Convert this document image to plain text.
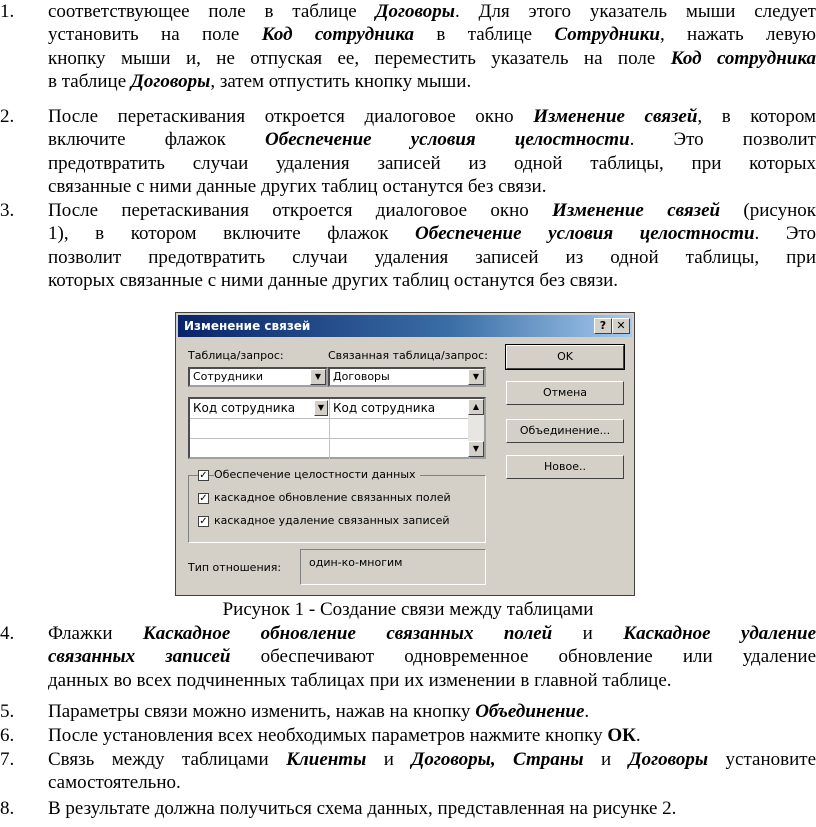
1.	соответствующее поле в таблице Договоры. Для этого указатель мыши следует
установить на поле Код сотрудника в таблице Сотрудники, нажать левую
кнопку мыши и, не отпуская ее, переместить указатель на поле Код сотрудника
в таблице Договоры, затем отпустить кнопку мыши.
2.	После перетаскивания откроется диалоговое окно Изменение связей, в котором
включите флажок Обеспечение условия целостности. Это позволит
предотвратить случаи удаления записей из одной таблицы, при которых
связанные с ними данные других таблиц останутся без связи.
3.	После перетаскивания откроется диалоговое окно Изменение связей (рисунок
1), в котором включите флажок Обеспечение условия целостности. Это
позволит предотвратить случаи удаления записей из одной таблицы, при
которых связанные с ними данные других таблиц останутся без связи.
4.	Флажки Каскадное обновление связанных полей и Каскадное удаление
связанных записей обеспечивают одновременное обновление или удаление
данных во всех подчиненных таблицах при их изменении в главной таблице.
5.	Параметры связи можно изменить, нажав на кнопку Объединение.
6.	После установления всех необходимых параметров нажмите кнопку ОК.
7.	Связь между таблицами Клиенты и Договоры, Страны и Договоры установите
самостоятельно.
8.	В результате должна получиться схема данных, представленная на рисунке 2.
Изменение связей	? ✕
Таблица/запрос:	Связанная таблица/запрос:
Сотрудники	▼	Договоры	▼
Код сотрудника	▼ Код сотрудника	▲
▼
OK
Отмена
Объединение...
Новое..
✓ Обеспечение целостности данных
✓ каскадное обновление связанных полей
✓ каскадное удаление связанных записей
Тип отношения:	один-ко-многим
Рисунок 1 - Создание связи между таблицами
